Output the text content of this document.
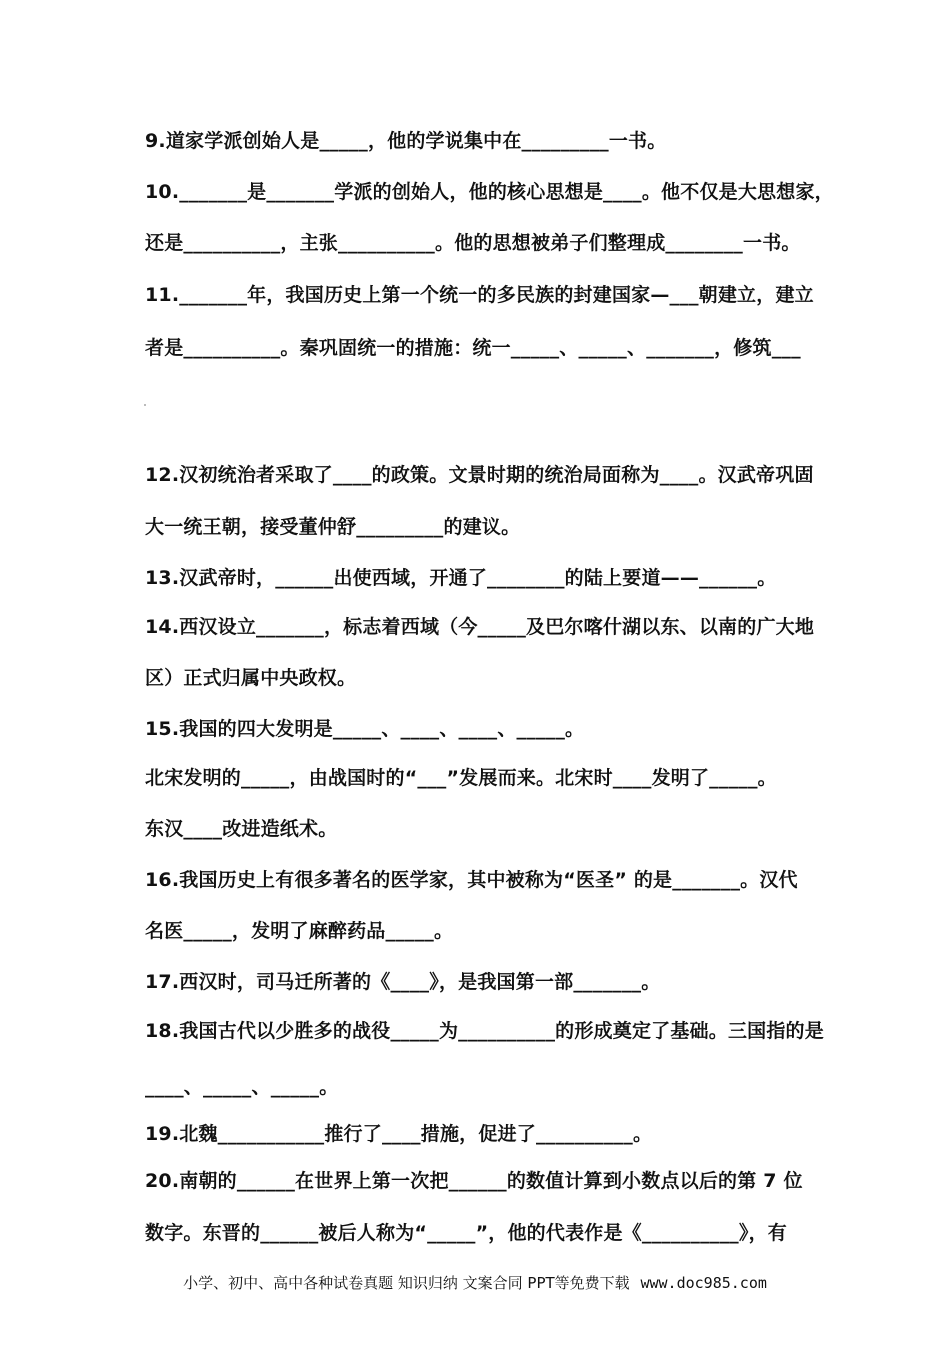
9.道家学派创始人是_____，他的学说集中在_________一书。
10._______是_______学派的创始人，他的核心思想是____。他不仅是大思想家，
还是__________，主张__________。他的思想被弟子们整理成________一书。
11._______年，我国历史上第一个统一的多民族的封建国家—___朝建立，建立
者是__________。秦巩固统一的措施：统一_____、_____、_______，修筑___
12.汉初统治者采取了____的政策。文景时期的统治局面称为____。汉武帝巩固
大一统王朝，接受董仲舒_________的建议。
13.汉武帝时，______出使西域，开通了________的陆上要道——______。
14.西汉设立_______，标志着西域（今_____及巴尔喀什湖以东、以南的广大地
区）正式归属中央政权。
15.我国的四大发明是_____、____、____、_____。
北宋发明的_____，由战国时的“___”发展而来。北宋时____发明了_____。
东汉____改进造纸术。
16.我国历史上有很多著名的医学家，其中被称为“医圣” 的是_______。汉代
名医_____，发明了麻醉药品_____。
17.西汉时，司马迁所著的《____》，是我国第一部_______。
18.我国古代以少胜多的战役_____为__________的形成奠定了基础。三国指的是
____、_____、_____。
19.北魏___________推行了____措施，促进了__________。
20.南朝的______在世界上第一次把______的数值计算到小数点以后的第 7 位
数字。东晋的______被后人称为“_____”，他的代表作是《__________》，有
小学、初中、高中各种试卷真题 知识归纳 文案合同 PPT等免费下载 www.doc985.com
